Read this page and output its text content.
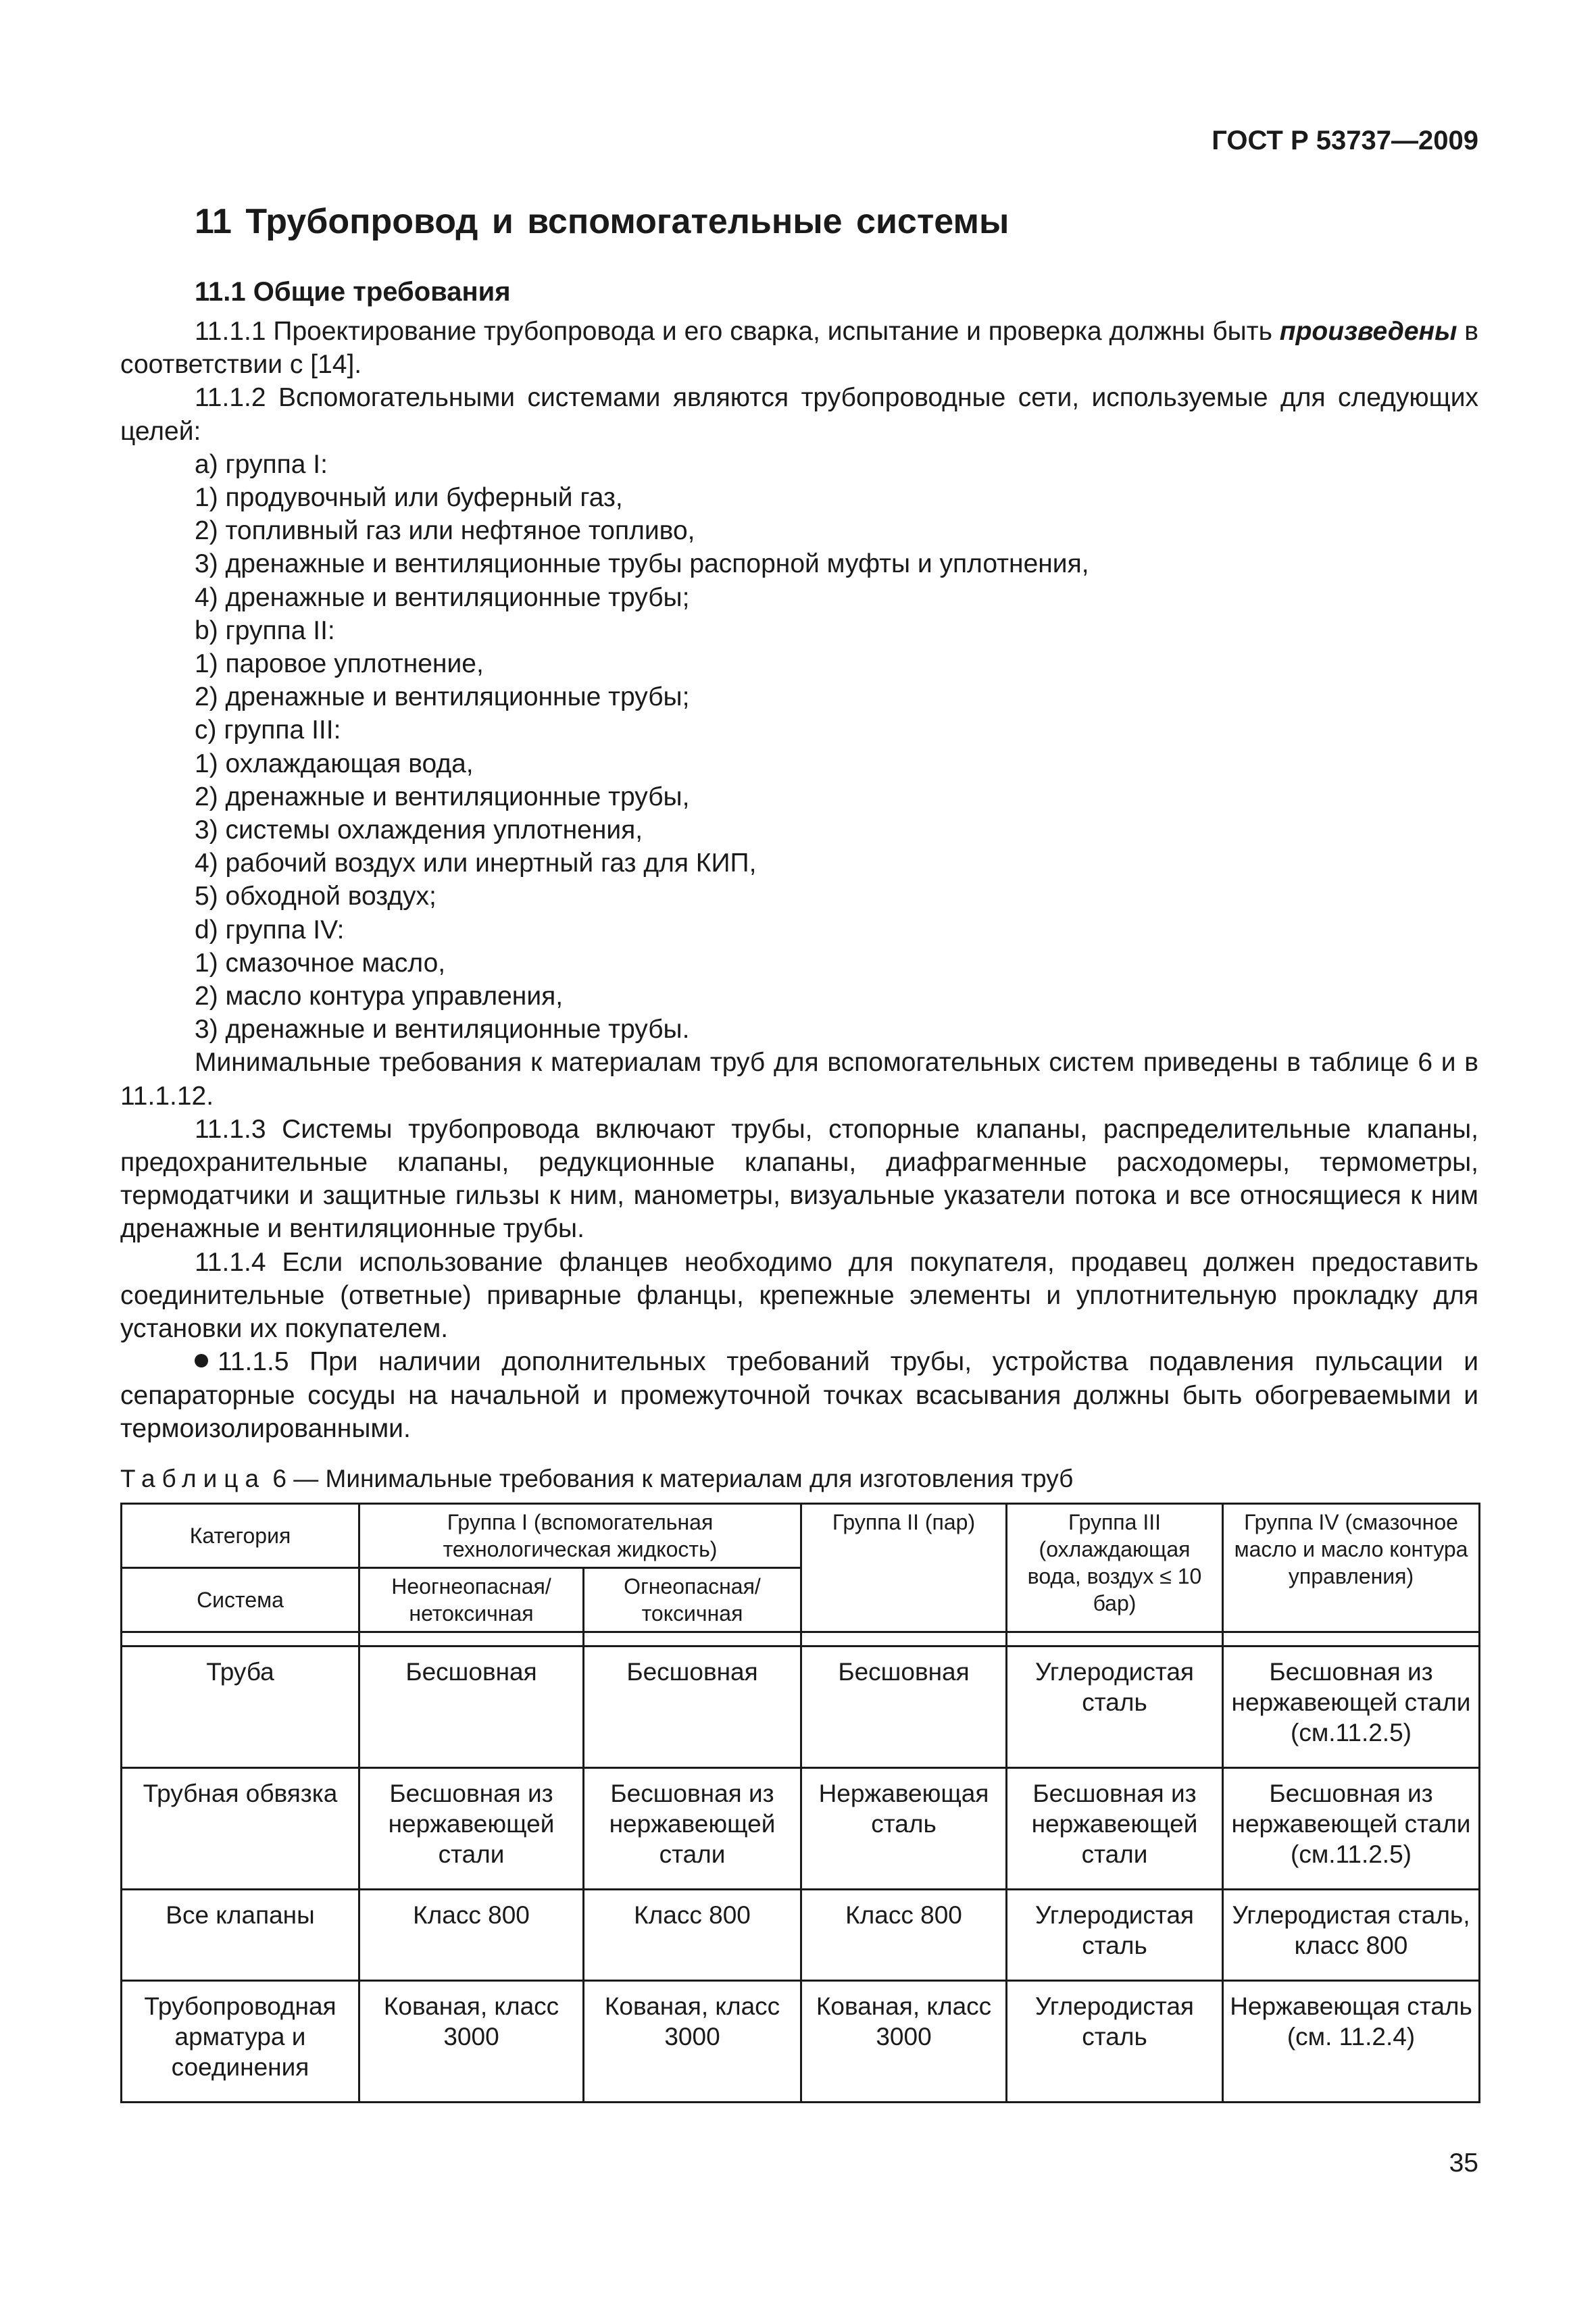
ГОСТ Р 53737—2009
11 Трубопровод и вспомогательные системы
11.1 Общие требования

11.1.1 Проектирование трубопровода и его сварка, испытание и проверка должны быть произведены в соответствии с [14].

11.1.2 Вспомогательными системами являются трубопроводные сети, используемые для следующих целей:

a) группа I:

1) продувочный или буферный газ,

2) топливный газ или нефтяное топливо,

3) дренажные и вентиляционные трубы распорной муфты и уплотнения,

4) дренажные и вентиляционные трубы;

b) группа II:

1) паровое уплотнение,

2) дренажные и вентиляционные трубы;

c) группа III:

1) охлаждающая вода,

2) дренажные и вентиляционные трубы,

3) системы охлаждения уплотнения,

4) рабочий воздух или инертный газ для КИП,

5) обходной воздух;

d) группа IV:

1) смазочное масло,

2) масло контура управления,

3) дренажные и вентиляционные трубы.

Минимальные требования к материалам труб для вспомогательных систем приведены в таблице 6 и в 11.1.12.

11.1.3 Системы трубопровода включают трубы, стопорные клапаны, распределительные клапаны, предохранительные клапаны, редукционные клапаны, диафрагменные расходомеры, термометры, термодатчики и защитные гильзы к ним, манометры, визуальные указатели потока и все относящиеся к ним дренажные и вентиляционные трубы.

11.1.4 Если использование фланцев необходимо для покупателя, продавец должен предоставить соединительные (ответные) приварные фланцы, крепежные элементы и уплотнительную прокладку для установки их покупателем.

11.1.5 При наличии дополнительных требований трубы, устройства подавления пульсации и сепараторные сосуды на начальной и промежуточной точках всасывания должны быть обогреваемыми и термоизолированными.

Таблица 6 — Минимальные требования к материалам для изготовления труб
Категория	Группа I (вспомогательная технологическая жидкость)		Группа II (пар)	Группа III (охлаждающая вода, воздух ≤ 10 бар)	Группа IV (смазочное масло и масло контура управления)
Система	Неогнеопасная/ нетоксичная	Огнеопасная/ токсичная			

Труба	Бесшовная	Бесшовная	Бесшовная	Углеродистая сталь	Бесшовная из нержавеющей стали (см.11.2.5)
Трубная обвязка	Бесшовная из нержавеющей стали	Бесшовная из нержавеющей стали	Нержавеющая сталь	Бесшовная из нержавеющей стали	Бесшовная из нержавеющей стали (см.11.2.5)
Все клапаны	Класс 800	Класс 800	Класс 800	Углеродистая сталь	Углеродистая сталь, класс 800
Трубопроводная арматура и соединения	Кованая, класс 3000	Кованая, класс 3000	Кованая, класс 3000	Углеродистая сталь	Нержавеющая сталь (см. 11.2.4)
35
